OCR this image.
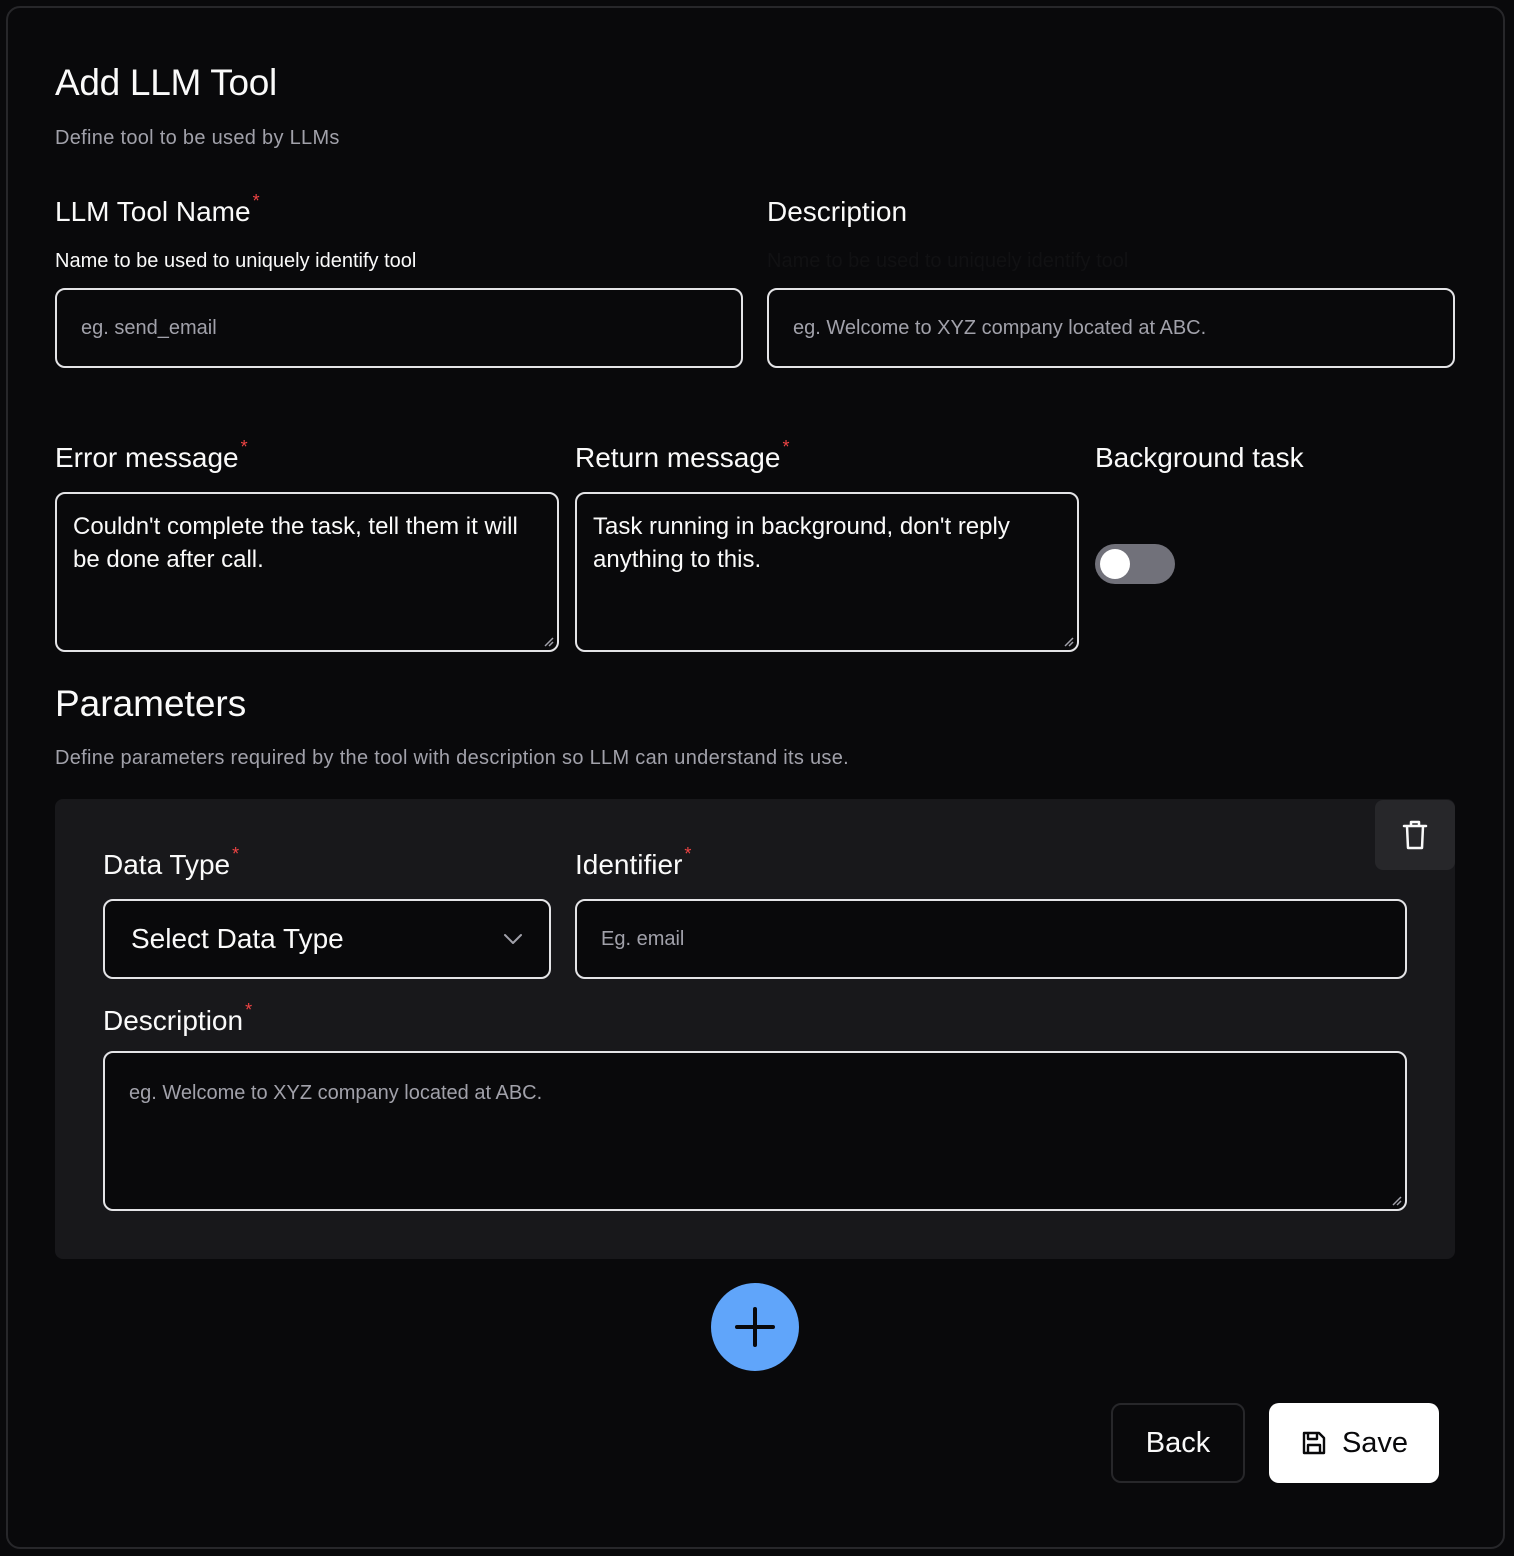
Add LLM Tool
Define tool to be used by LLMs
LLM Tool Name *
Name to be used to uniquely identify tool
eg. send_email
Description
Name to be used to uniquely identify tool
eg. Welcome to XYZ company located at ABC.
Error message *
Couldn't complete the task, tell them it will be done after call.
Return message *
Task running in background, don't reply anything to this.
Background task
Parameters
Define parameters required by the tool with description so LLM can understand its use.
Data Type *
Select Data Type
Identifier *
Eg. email
Description *
eg. Welcome to XYZ company located at ABC.
Back	Save
